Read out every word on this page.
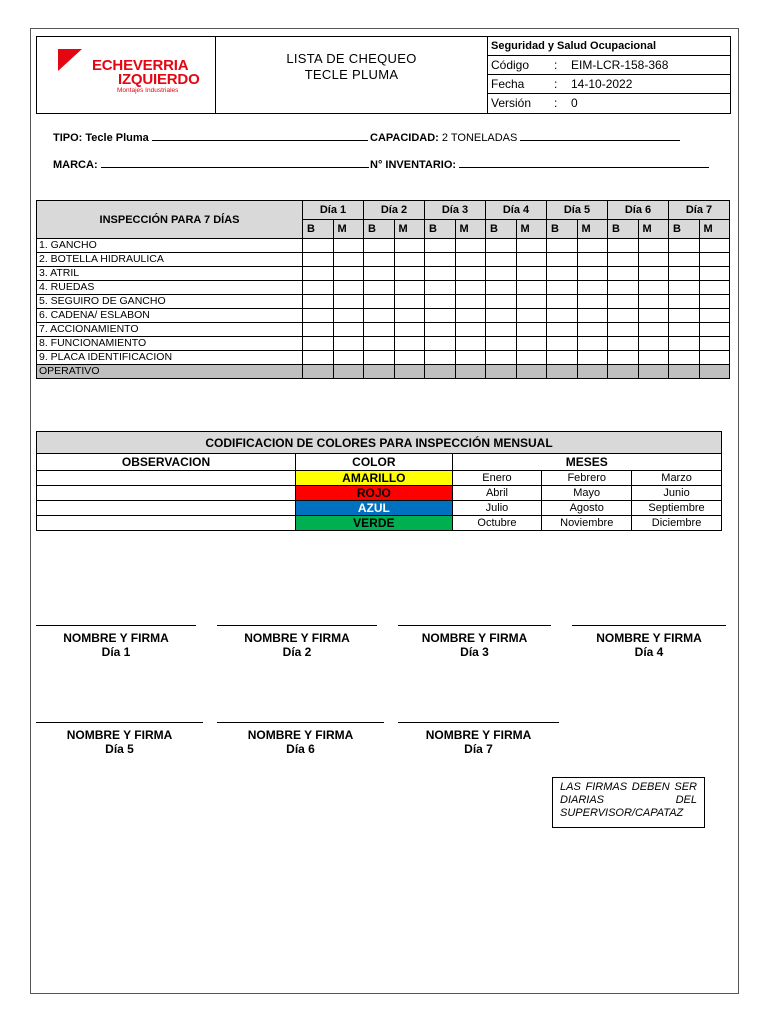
ECHEVERRIA
IZQUIERDO
Montajes Industriales
LISTA DE CHEQUEO
TECLE PLUMA
Seguridad y Salud Ocupacional
Código : EIM-LCR-158-368
Fecha : 14-10-2022
Versión : 0
TIPO: Tecle Pluma	CAPACIDAD: 2 TONELADAS
MARCA:	N° INVENTARIO:
INSPECCIÓN PARA 7 DÍAS	Día 1		Día 2		Día 3		Día 4		Día 5		Día 6		Día 7	
	B	M	B	M	B	M	B	M	B	M	B	M	B	M
1. GANCHO														
2. BOTELLA HIDRAULICA														
3. ATRIL														
4. RUEDAS														
5. SEGUIRO DE GANCHO														
6. CADENA/ ESLABON														
7. ACCIONAMIENTO														
8. FUNCIONAMIENTO														
9. PLACA IDENTIFICACION														
OPERATIVO														
CODIFICACION DE COLORES PARA INSPECCIÓN MENSUAL				
OBSERVACION	COLOR	MESES		
	AMARILLO	Enero	Febrero	Marzo
	ROJO	Abril	Mayo	Junio
	AZUL	Julio	Agosto	Septiembre
	VERDE	Octubre	Noviembre	Diciembre
NOMBRE Y FIRMA
Día 1
NOMBRE Y FIRMA
Día 2
NOMBRE Y FIRMA
Día 3
NOMBRE Y FIRMA
Día 4
NOMBRE Y FIRMA
Día 5
NOMBRE Y FIRMA
Día 6
NOMBRE Y FIRMA
Día 7
LAS FIRMAS DEBEN SER DIARIAS DEL SUPERVISOR/CAPATAZ
